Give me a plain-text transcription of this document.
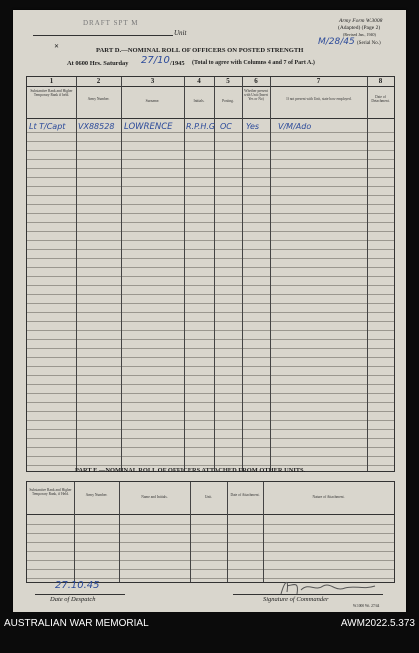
DRAFT SPT M
Unit
Army Form W.3008
(Adapted) (Page 2)
(Revised Jan., 1940)
M/28/45 (Serial No.)
✕	PART D.—NOMINAL ROLL OF OFFICERS ON POSTED STRENGTH
At 0600 Hrs. Saturday 27/10 /1945 (Total to agree with Columns 4 and 7 of Part A.)
1	2	3	4	5	6	7	8
Substantive Rank and Higher Temporary Rank if held.
Army Number.	Surname.	Initials.	Posting.
Whether present with Unit (Insert Yes or No)	If not present with Unit, state how employed.	Date of Detachment.
Lt T/Capt VX88528 LOWRENCE R.P.H.G OC Yes V/M/Ado
PART E.—NOMINAL ROLL OF OFFICERS ATTACHED FROM OTHER UNITS.
Substantive Rank and Higher Temporary Rank, if Held.	Army Number.	Name and Initials.	Unit.	Date of Attachment.	Nature of Attachment.
27.10.45
Date of Despatch	Signature of Commander
W.1000 Wt. 27/44
AUSTRALIAN WAR MEMORIAL	AWM2022.5.373
